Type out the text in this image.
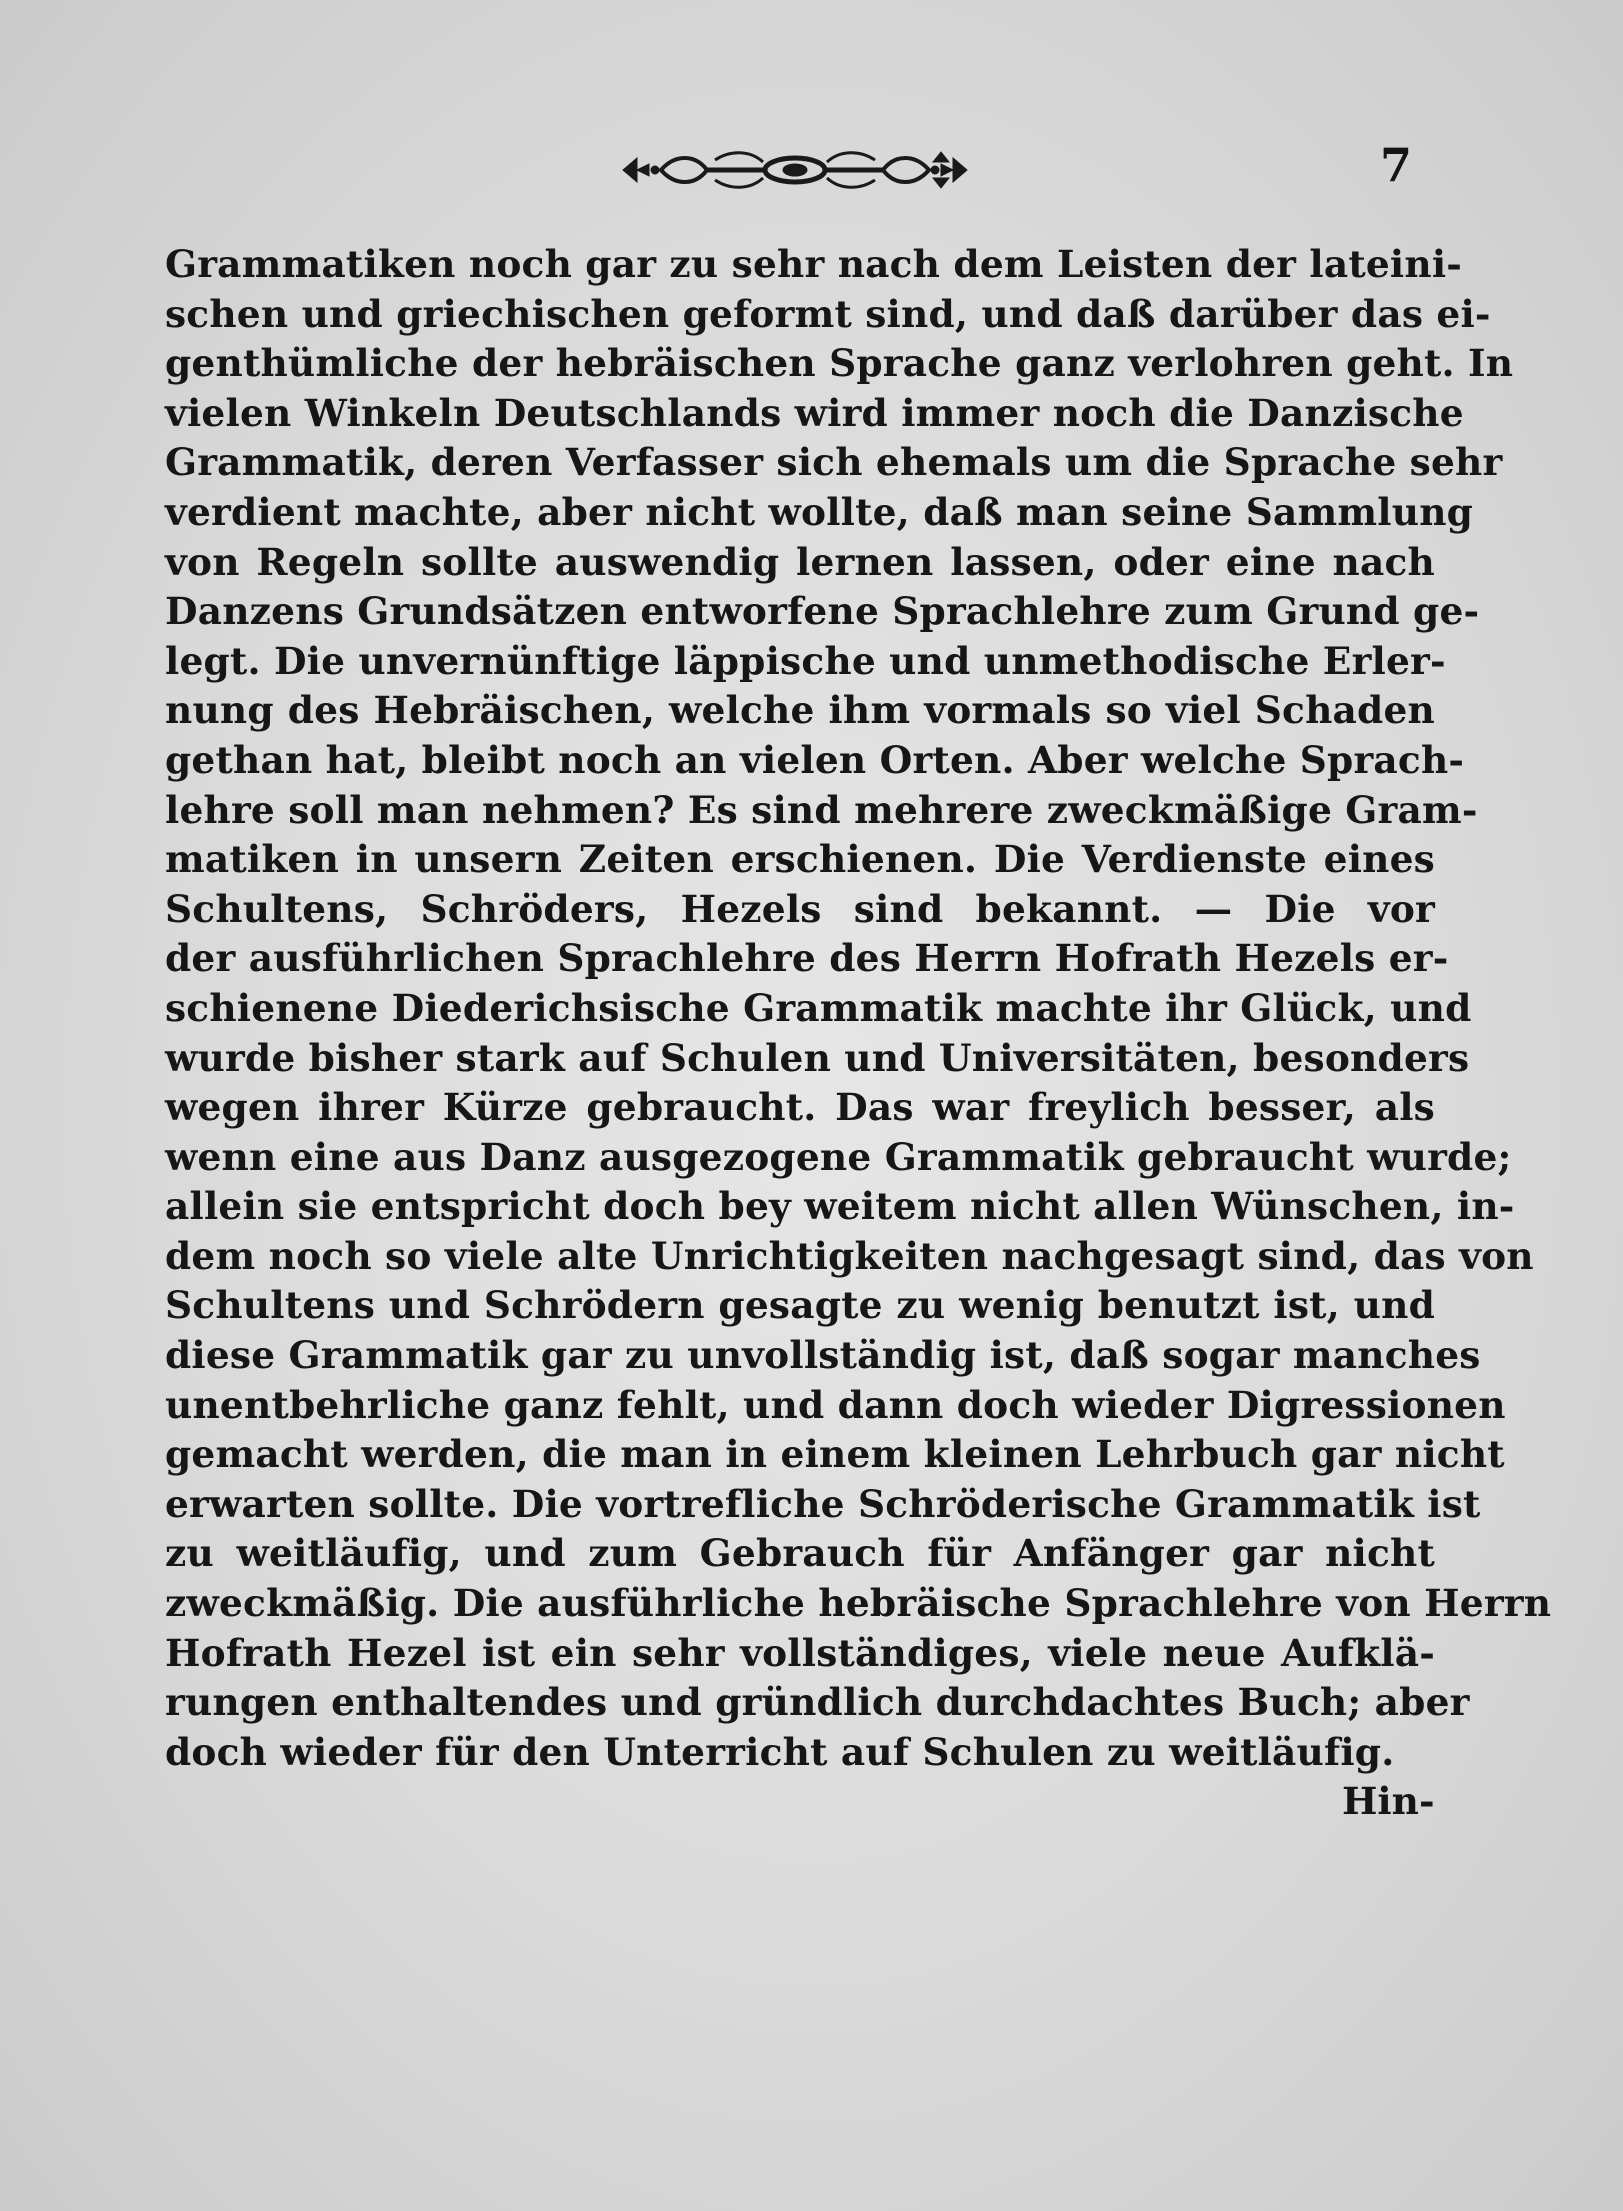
7
Grammatiken noch gar zu sehr nach dem Leisten der lateini-
schen und griechischen geformt sind, und daß darüber das ei-
genthümliche der hebräischen Sprache ganz verlohren geht. In
vielen Winkeln Deutschlands wird immer noch die Danzische
Grammatik, deren Verfasser sich ehemals um die Sprache sehr
verdient machte, aber nicht wollte, daß man seine Sammlung
von Regeln sollte auswendig lernen lassen, oder eine nach
Danzens Grundsätzen entworfene Sprachlehre zum Grund ge-
legt. Die unvernünftige läppische und unmethodische Erler-
nung des Hebräischen, welche ihm vormals so viel Schaden
gethan hat, bleibt noch an vielen Orten. Aber welche Sprach-
lehre soll man nehmen? Es sind mehrere zweckmäßige Gram-
matiken in unsern Zeiten erschienen. Die Verdienste eines
Schultens, Schröders, Hezels sind bekannt. — Die vor
der ausführlichen Sprachlehre des Herrn Hofrath Hezels er-
schienene Diederichsische Grammatik machte ihr Glück, und
wurde bisher stark auf Schulen und Universitäten, besonders
wegen ihrer Kürze gebraucht. Das war freylich besser, als
wenn eine aus Danz ausgezogene Grammatik gebraucht wurde;
allein sie entspricht doch bey weitem nicht allen Wünschen, in-
dem noch so viele alte Unrichtigkeiten nachgesagt sind, das von
Schultens und Schrödern gesagte zu wenig benutzt ist, und
diese Grammatik gar zu unvollständig ist, daß sogar manches
unentbehrliche ganz fehlt, und dann doch wieder Digressionen
gemacht werden, die man in einem kleinen Lehrbuch gar nicht
erwarten sollte. Die vortrefliche Schröderische Grammatik ist
zu weitläufig, und zum Gebrauch für Anfänger gar nicht
zweckmäßig. Die ausführliche hebräische Sprachlehre von Herrn
Hofrath Hezel ist ein sehr vollständiges, viele neue Aufklä-
rungen enthaltendes und gründlich durchdachtes Buch; aber
doch wieder für den Unterricht auf Schulen zu weitläufig.
Hin-
